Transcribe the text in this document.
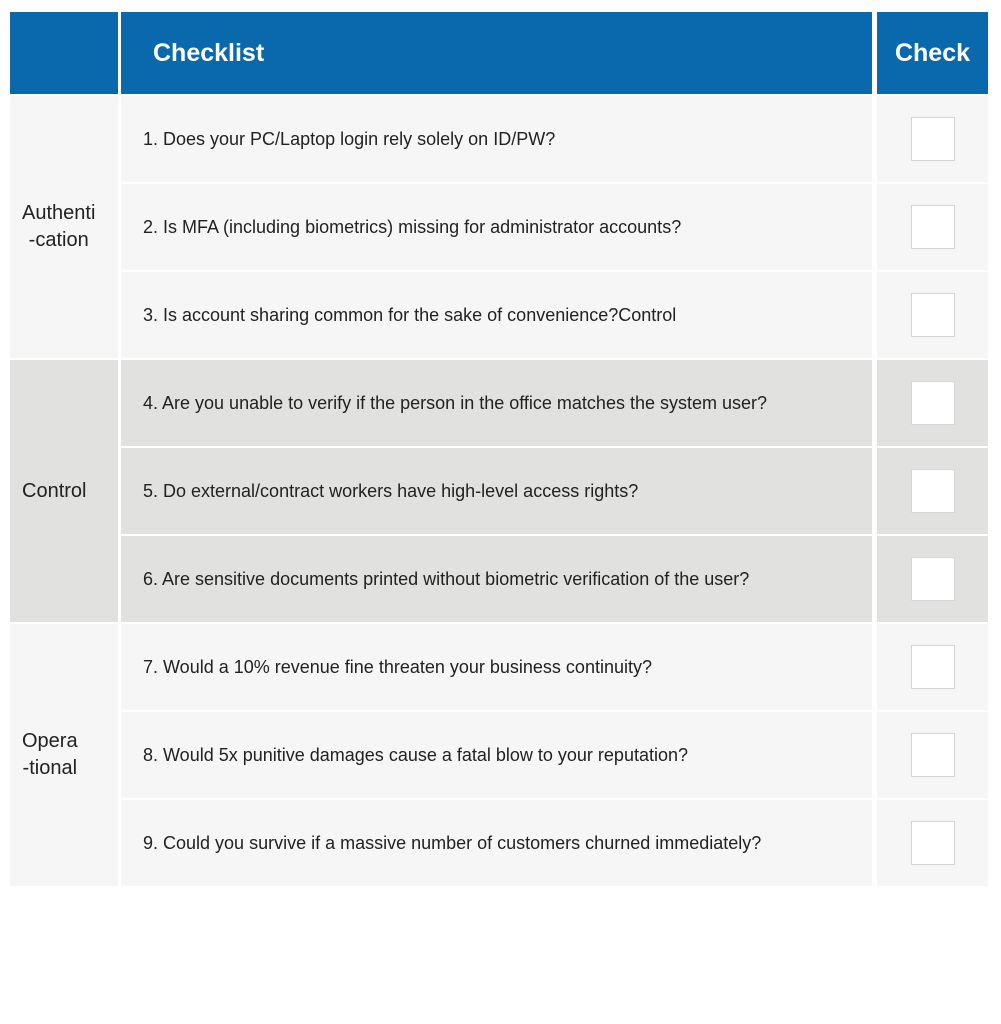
Checklist	Check
Authenti
-cation
1. Does your PC/Laptop login rely solely on ID/PW?
2. Is MFA (including biometrics) missing for administrator accounts?
3. Is account sharing common for the sake of convenience?Control
Control
4. Are you unable to verify if the person in the office matches the system user?
5. Do external/contract workers have high-level access rights?
6. Are sensitive documents printed without biometric verification of the user?
Opera
-tional
7. Would a 10% revenue fine threaten your business continuity?
8. Would 5x punitive damages cause a fatal blow to your reputation?
9. Could you survive if a massive number of customers churned immediately?
